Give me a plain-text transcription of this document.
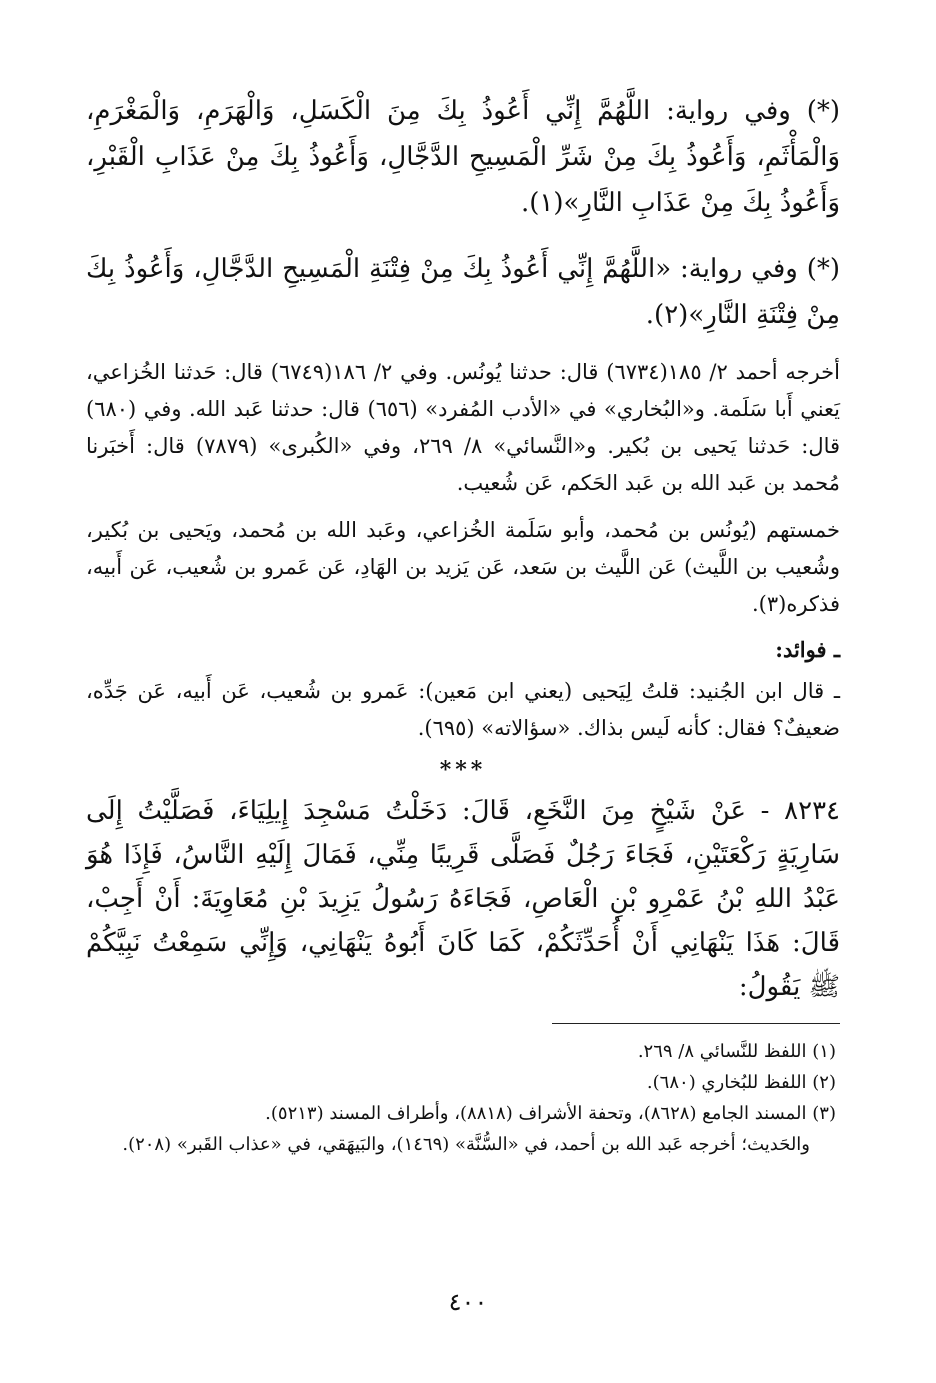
(*) وفي رواية: اللَّهُمَّ إِنِّي أَعُوذُ بِكَ مِنَ الْكَسَلِ، وَالْهَرَمِ، وَالْمَغْرَمِ، وَالْمَأْثَمِ، وَأَعُوذُ بِكَ مِنْ شَرِّ الْمَسِيحِ الدَّجَّالِ، وَأَعُوذُ بِكَ مِنْ عَذَابِ الْقَبْرِ، وَأَعُوذُ بِكَ مِنْ عَذَابِ النَّارِ»(١).

(*) وفي رواية: «اللَّهُمَّ إِنِّي أَعُوذُ بِكَ مِنْ فِتْنَةِ الْمَسِيحِ الدَّجَّالِ، وَأَعُوذُ بِكَ مِنْ فِتْنَةِ النَّارِ»(٢).

أخرجه أحمد ٢/ ١٨٥(٦٧٣٤) قال: حدثنا يُونُس. وفي ٢/ ١٨٦(٦٧٤٩) قال: حَدثنا الخُزاعي، يَعني أَبا سَلَمة. و«البُخاري» في «الأدب المُفرد» (٦٥٦) قال: حدثنا عَبد الله. وفي (٦٨٠) قال: حَدثنا يَحيى بن بُكير. و«النَّسائي» ٨/ ٢٦٩، وفي «الكُبرى» (٧٨٧٩) قال: أَخبَرنا مُحمد بن عَبد الله بن عَبد الحَكم، عَن شُعيب.

خمستهم (يُونُس بن مُحمد، وأبو سَلَمة الخُزاعي، وعَبد الله بن مُحمد، ويَحيى بن بُكير، وشُعيب بن اللَّيث) عَن اللَّيث بن سَعد، عَن يَزيد بن الهَادِ، عَن عَمرو بن شُعيب، عَن أَبيه، فذكره(٣).

ـ فوائد:

ـ قال ابن الجُنيد: قلتُ لِيَحيى (يعني ابن مَعين): عَمرو بن شُعيب، عَن أَبيه، عَن جَدِّه، ضعيفٌ؟ فقال: كأنه لَيس بذاك. «سؤالاته» (٦٩٥).

***

٨٢٣٤ - عَنْ شَيْخٍ مِنَ النَّخَعِ، قَالَ: دَخَلْتُ مَسْجِدَ إِيلِيَاءَ، فَصَلَّيْتُ إِلَى سَارِيَةٍ رَكْعَتَيْنِ، فَجَاءَ رَجُلٌ فَصَلَّى قَرِيبًا مِنِّي، فَمَالَ إِلَيْهِ النَّاسُ، فَإِذَا هُوَ عَبْدُ اللهِ بْنُ عَمْرِو بْنِ الْعَاصِ، فَجَاءَهُ رَسُولُ يَزِيدَ بْنِ مُعَاوِيَةَ: أَنْ أَجِبْ، قَالَ: هَذَا يَنْهَانِي أَنْ أُحَدِّثَكُمْ، كَمَا كَانَ أَبُوهُ يَنْهَانِي، وَإِنِّي سَمِعْتُ نَبِيَّكُمْ ﷺ يَقُولُ:

(١) اللفظ للنَّسائي ٨/ ٢٦٩.

(٢) اللفظ للبُخاري (٦٨٠).

(٣) المسند الجامع (٨٦٢٨)، وتحفة الأشراف (٨٨١٨)، وأطراف المسند (٥٢١٣).

والحَديث؛ أخرجه عَبد الله بن أحمد، في «السُّنَّة» (١٤٦٩)، والبَيهَقي، في «عذاب القَبر» (٢٠٨).

٤٠٠
